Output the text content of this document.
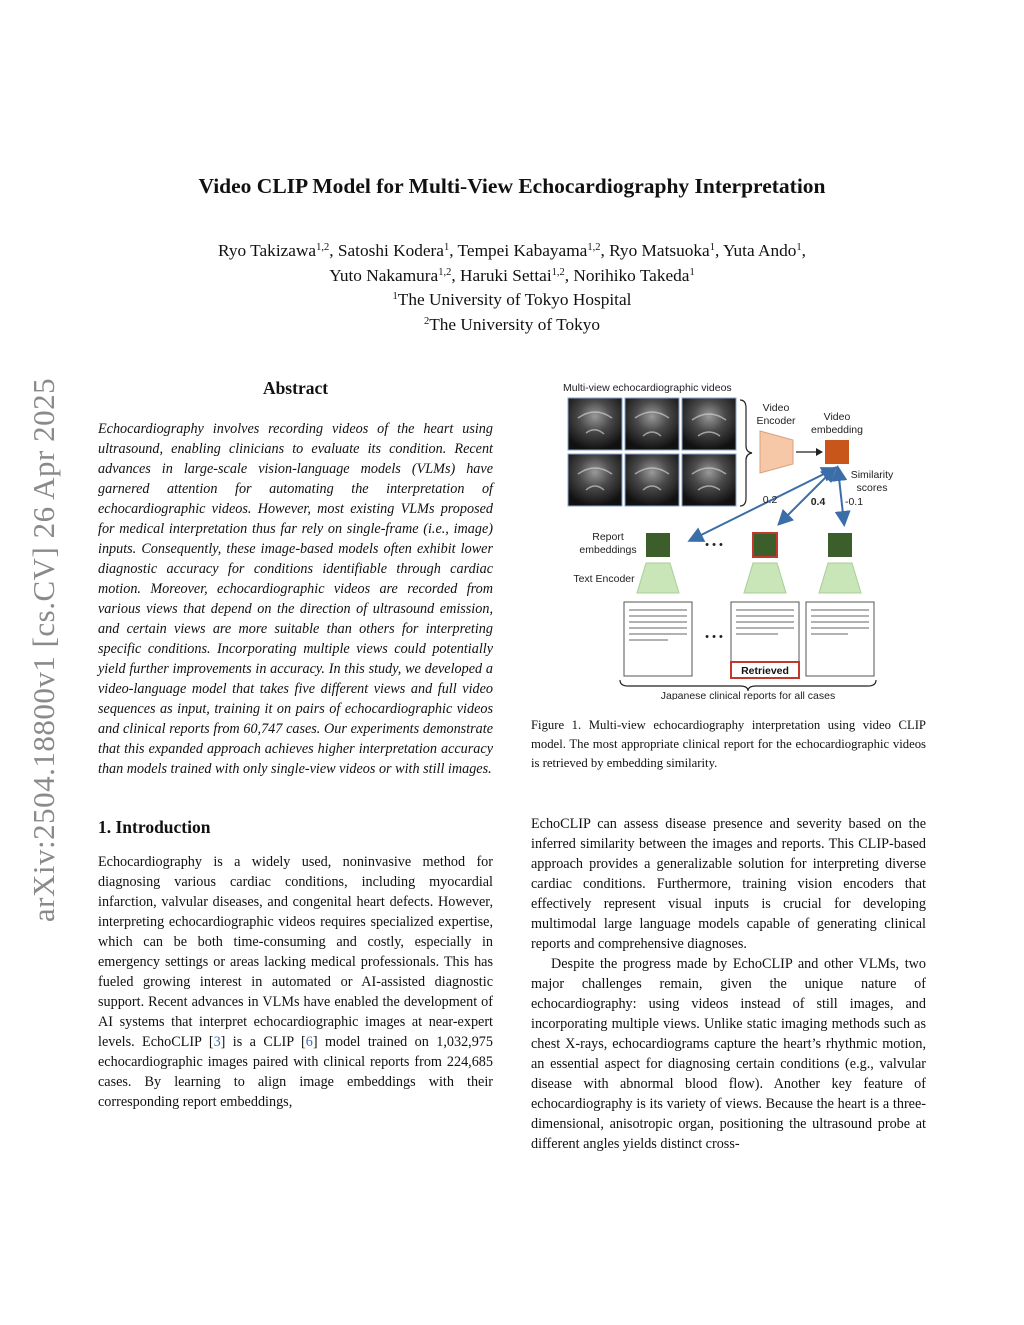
arXiv:2504.18800v1 [cs.CV] 26 Apr 2025
Video CLIP Model for Multi-View Echocardiography Interpretation
Ryo Takizawa$^{1,2}$, Satoshi Kodera$^1$, Tempei Kabayama$^{1,2}$, Ryo Matsuoka$^1$, Yuta Ando$^1$,
Yuto Nakamura$^{1,2}$, Haruki Settai$^{1,2}$, Norihiko Takeda$^1$
$^1$The University of Tokyo Hospital
$^2$The University of Tokyo
Abstract

Echocardiography involves recording videos of the heart using ultrasound, enabling clinicians to evaluate its condition. Recent advances in large-scale vision-language models (VLMs) have garnered attention for automating the interpretation of echocardiographic videos. However, most existing VLMs proposed for medical interpretation thus far rely on single-frame (i.e., image) inputs. Consequently, these image-based models often exhibit lower diagnostic accuracy for conditions identifiable through cardiac motion. Moreover, echocardiographic videos are recorded from various views that depend on the direction of ultrasound emission, and certain views are more suitable than others for interpreting specific conditions. Incorporating multiple views could potentially yield further improvements in accuracy. In this study, we developed a video-language model that takes five different views and full video sequences as input, training it on pairs of echocardiographic videos and clinical reports from 60,747 cases. Our experiments demonstrate that this expanded approach achieves higher interpretation accuracy than models trained with only single-view videos or with still images.

1. Introduction

Echocardiography is a widely used, noninvasive method for diagnosing various cardiac conditions, including myocardial infarction, valvular diseases, and congenital heart defects. However, interpreting echocardiographic videos requires specialized expertise, which can be both time-consuming and costly, especially in emergency settings or areas lacking medical professionals. This has fueled growing interest in automated or AI-assisted diagnostic support. Recent advances in VLMs have enabled the development of AI systems that interpret echocardiographic images at near-expert levels. EchoCLIP [3] is a CLIP [6] model trained on 1,032,975 echocardiographic images paired with clinical reports from 224,685 cases. By learning to align image embeddings with their corresponding report embeddings,

Multi-view echocardiographic videos
Video
Encoder	Video
embedding
Similarity
scores
0.2	0.4 -0.1
Report
embeddings	• • •
Text Encoder
• • •
Retrieved
Japanese clinical reports for all cases
Figure 1. Multi-view echocardiography interpretation using video CLIP model. The most appropriate clinical report for the echocardiographic videos is retrieved by embedding similarity.

EchoCLIP can assess disease presence and severity based on the inferred similarity between the images and reports. This CLIP-based approach provides a generalizable solution for interpreting diverse cardiac conditions. Furthermore, training vision encoders that effectively represent visual inputs is crucial for developing multimodal large language models capable of generating clinical reports and comprehensive diagnoses.

Despite the progress made by EchoCLIP and other VLMs, two major challenges remain, given the unique nature of echocardiography: using videos instead of still images, and incorporating multiple views. Unlike static imaging methods such as chest X-rays, echocardiograms capture the heart’s rhythmic motion, an essential aspect for diagnosing certain conditions (e.g., valvular disease with abnormal blood flow). Another key feature of echocardiography is its variety of views. Because the heart is a three-dimensional, anisotropic organ, positioning the ultrasound probe at different angles yields distinct cross-
